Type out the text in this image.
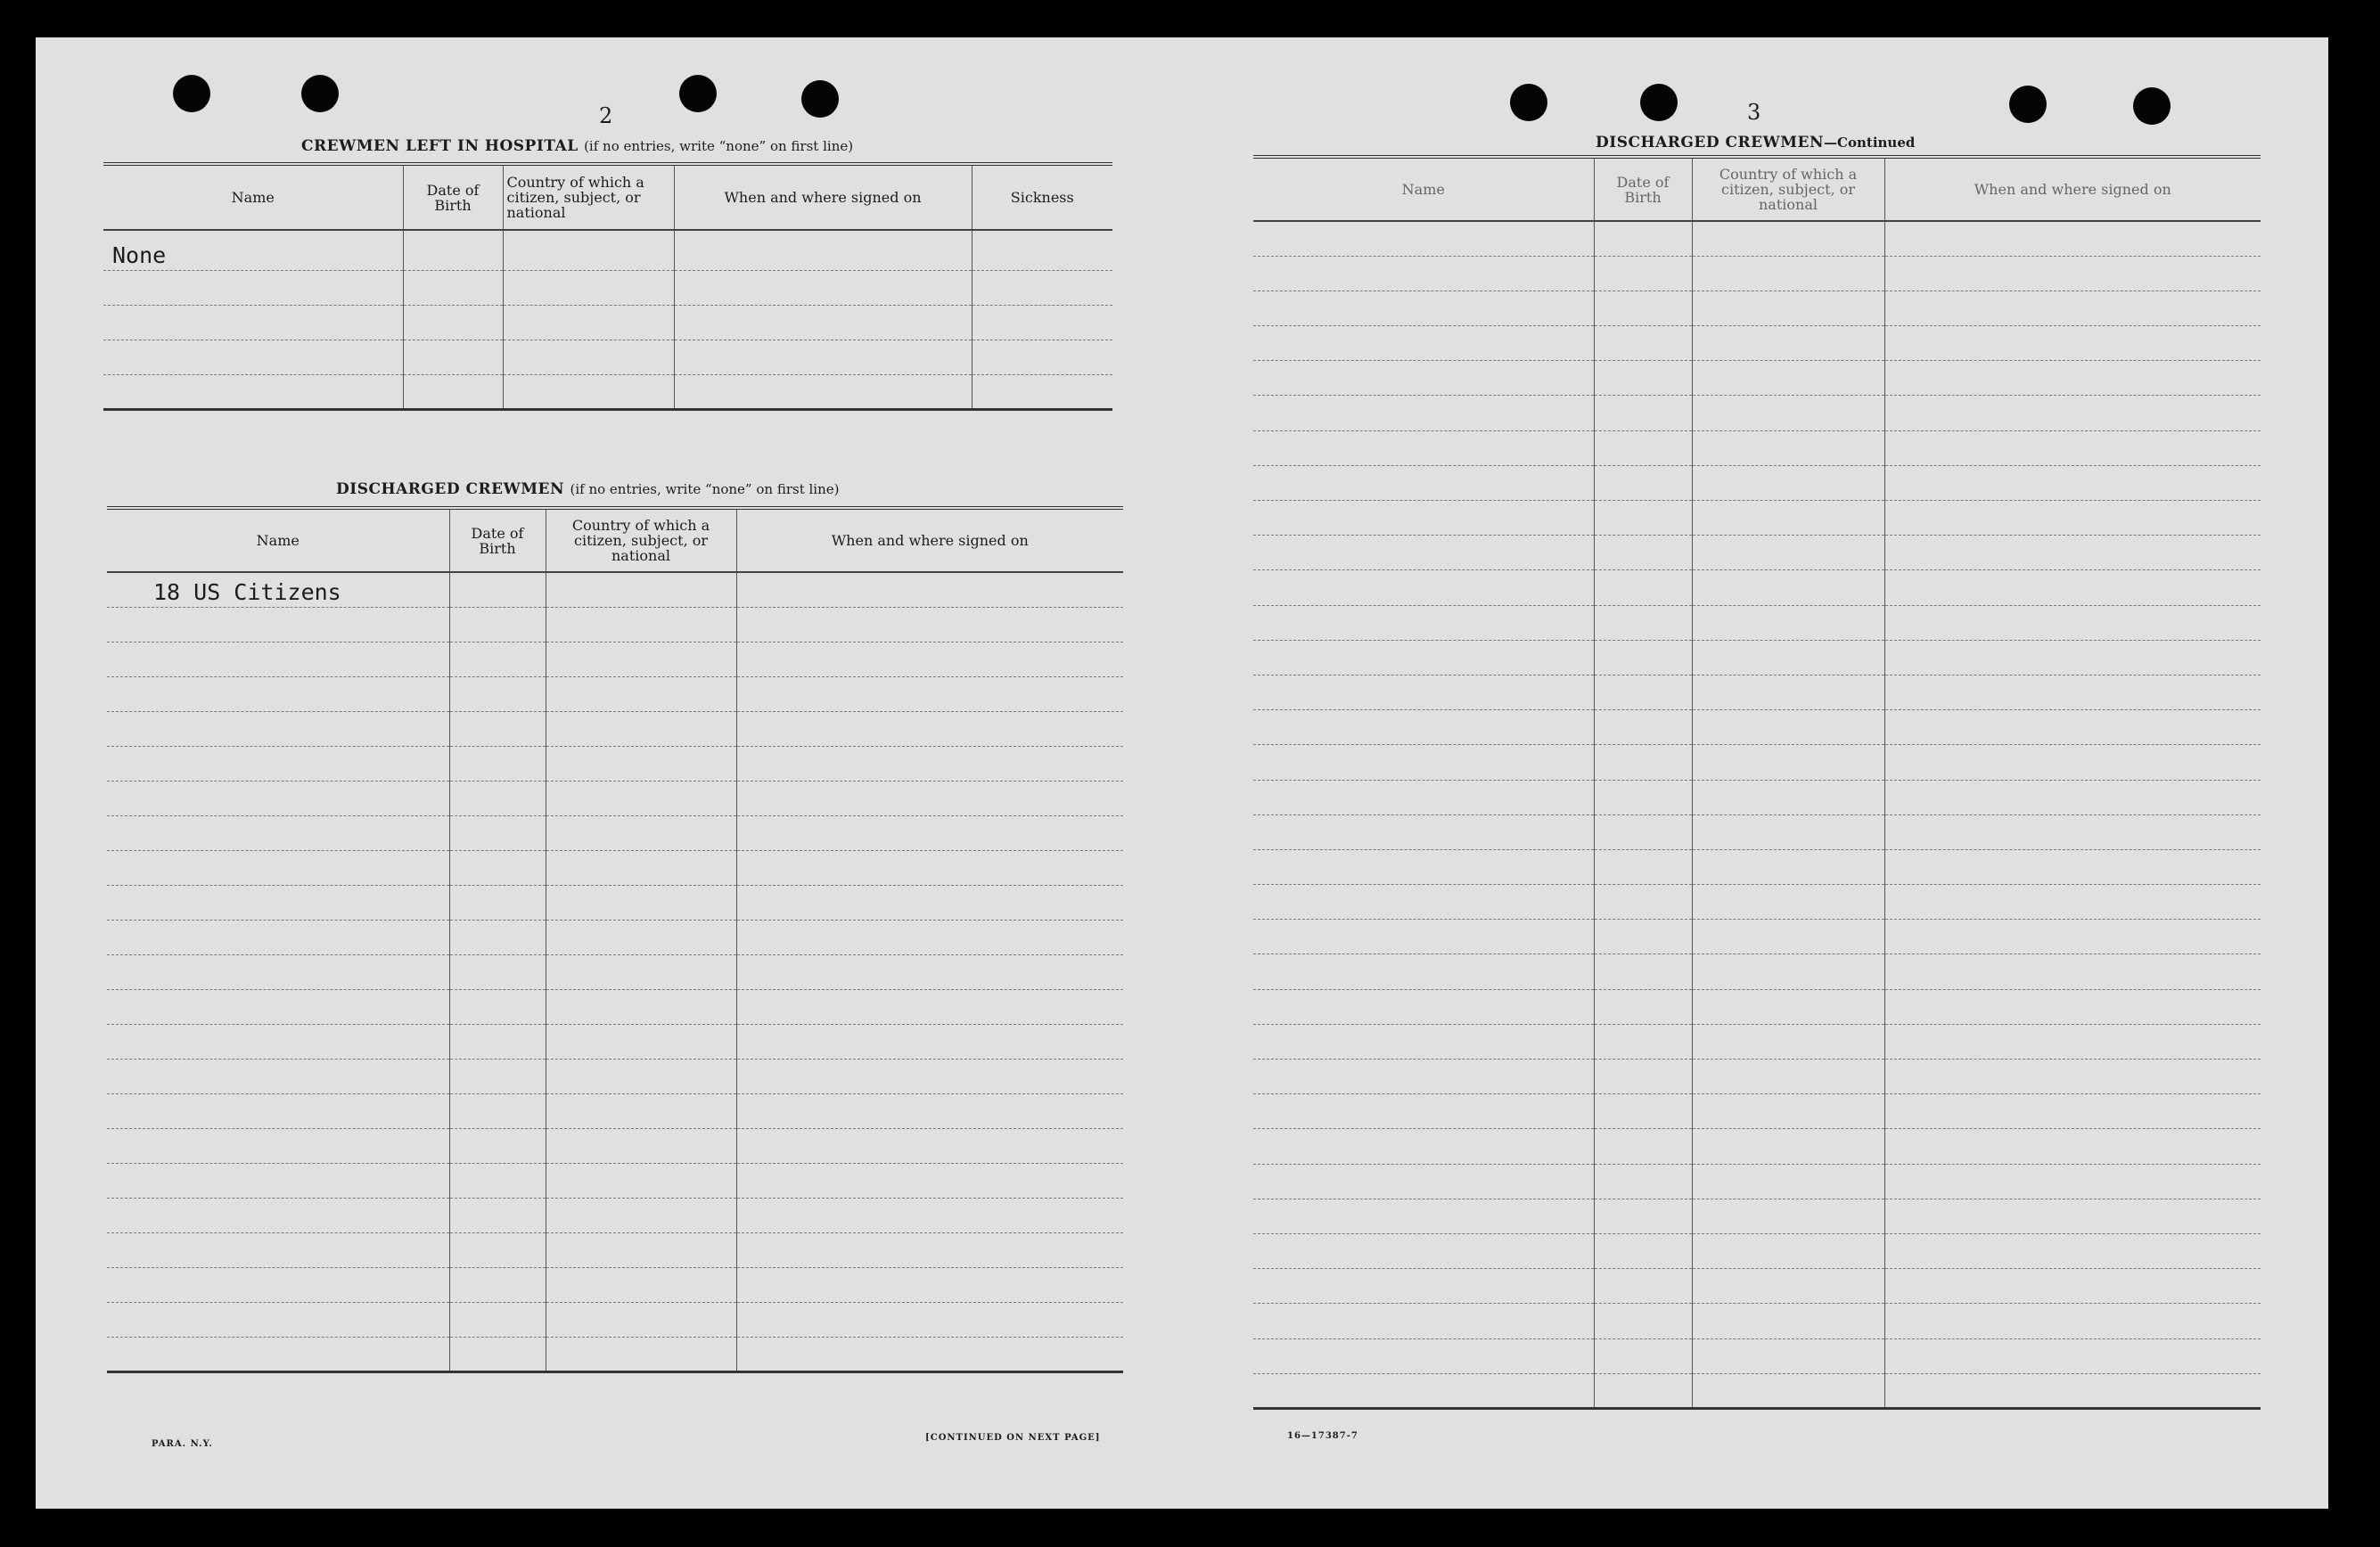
2
CREWMEN LEFT IN HOSPITAL (if no entries, write “none” on first line)
Name	Date of Birth	Country of which a citizen, subject, or national	When and where signed on	Sickness
None				

DISCHARGED CREWMEN (if no entries, write “none” on first line)
Name	Date of Birth	Country of which a citizen, subject, or national	When and where signed on
18 US Citizens			

PARA. N.Y.
[CONTINUED ON NEXT PAGE]
3
DISCHARGED CREWMEN—Continued
Name	Date of Birth	Country of which a citizen, subject, or national	When and where signed on

16—17387-7
